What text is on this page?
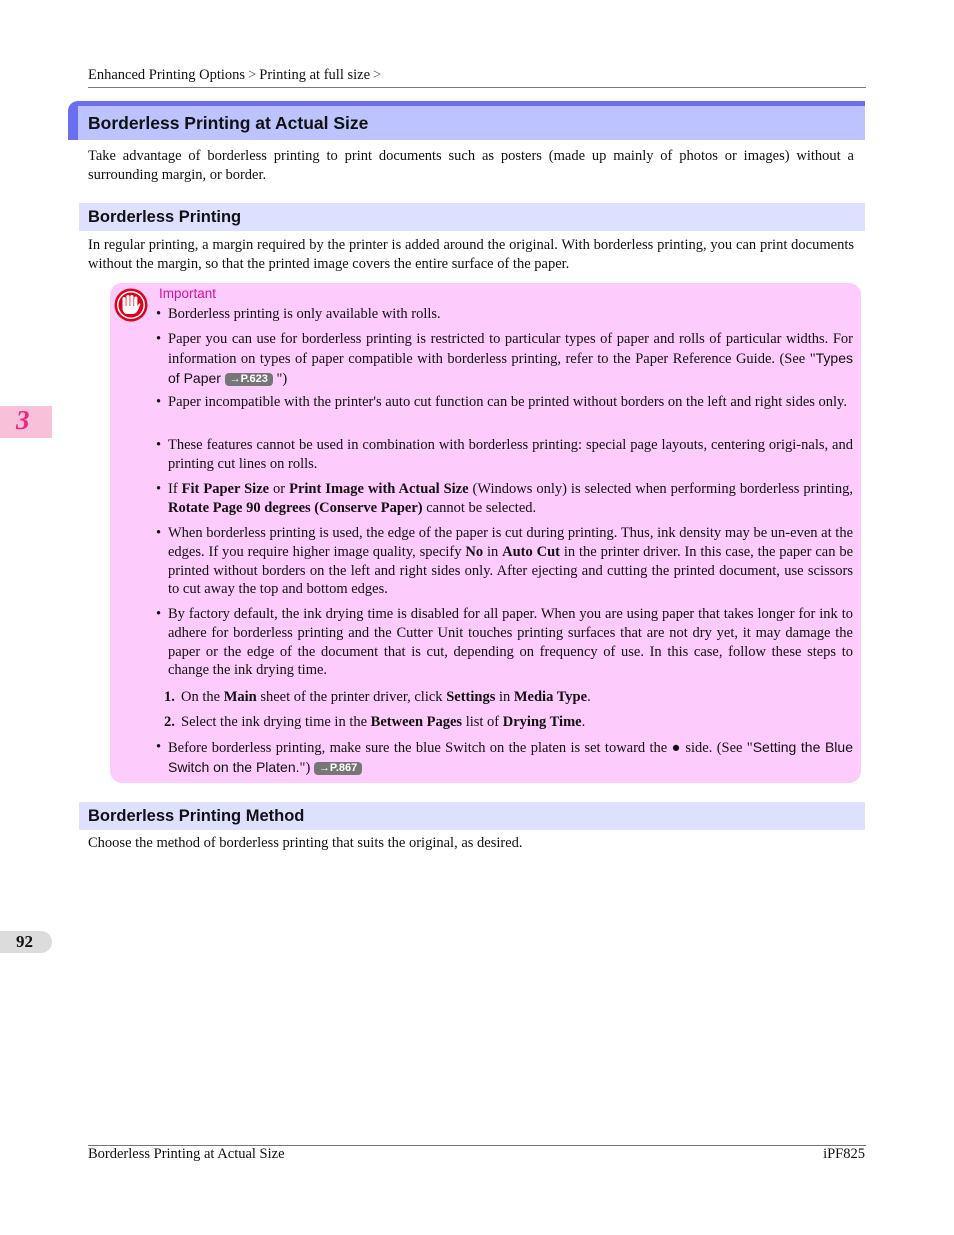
Enhanced Printing Options > Printing at full size >
Borderless Printing at Actual Size
Take advantage of borderless printing to print documents such as posters (made up mainly of photos or images) without a surrounding margin, or border.
Borderless Printing
In regular printing, a margin required by the printer is added around the original. With borderless printing, you can print documents without the margin, so that the printed image covers the entire surface of the paper.
Important
• Borderless printing is only available with rolls.
• Paper you can use for borderless printing is restricted to particular types of paper and rolls of particular widths. For information on types of paper compatible with borderless printing, refer to the Paper Reference Guide. (See "Types of Paper →P.623 ")
• Paper incompatible with the printer's auto cut function can be printed without borders on the left and right sides only.
• These features cannot be used in combination with borderless printing: special page layouts, centering origi-nals, and printing cut lines on rolls.
• If Fit Paper Size or Print Image with Actual Size (Windows only) is selected when performing borderless printing, Rotate Page 90 degrees (Conserve Paper) cannot be selected.
• When borderless printing is used, the edge of the paper is cut during printing. Thus, ink density may be un-even at the edges. If you require higher image quality, specify No in Auto Cut in the printer driver. In this case, the paper can be printed without borders on the left and right sides only. After ejecting and cutting the printed document, use scissors to cut away the top and bottom edges.
• By factory default, the ink drying time is disabled for all paper. When you are using paper that takes longer for ink to adhere for borderless printing and the Cutter Unit touches printing surfaces that are not dry yet, it may damage the paper or the edge of the document that is cut, depending on frequency of use. In this case, follow these steps to change the ink drying time.
1. On the Main sheet of the printer driver, click Settings in Media Type.
2. Select the ink drying time in the Between Pages list of Drying Time.
• Before borderless printing, make sure the blue Switch on the platen is set toward the ● side. (See "Setting the Blue Switch on the Platen.") →P.867
Borderless Printing Method
Choose the method of borderless printing that suits the original, as desired.
3
92
Borderless Printing at Actual Size	iPF825
